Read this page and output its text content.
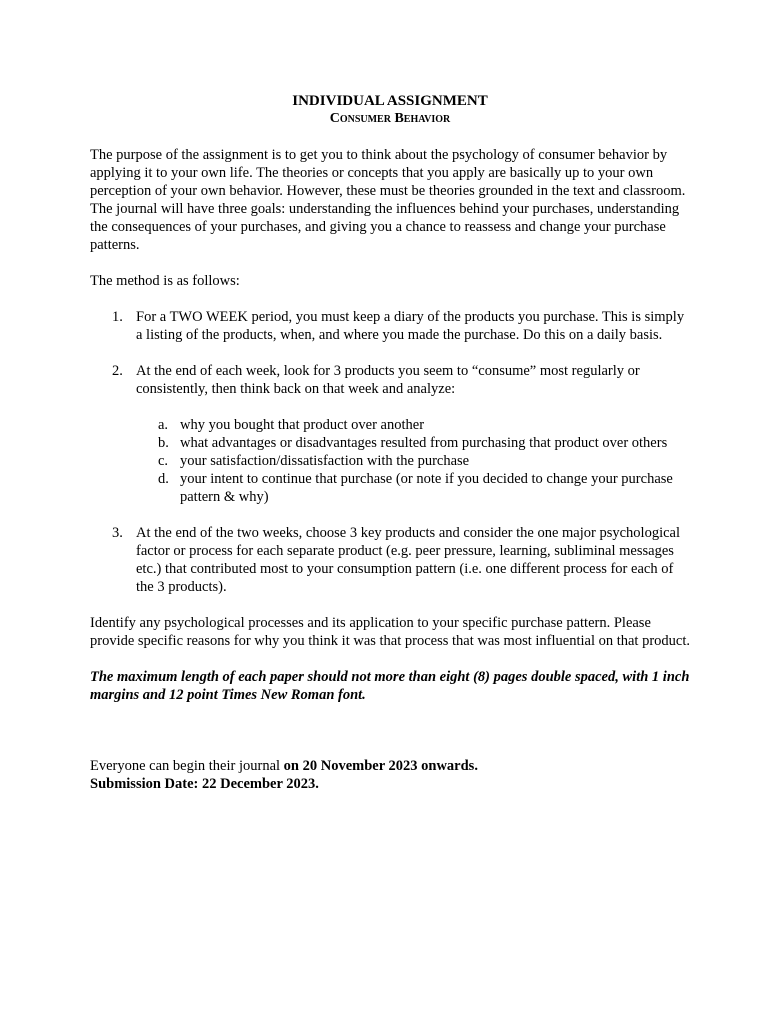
INDIVIDUAL ASSIGNMENT
Consumer Behavior

The purpose of the assignment is to get you to think about the psychology of consumer behavior by applying it to your own life. The theories or concepts that you apply are basically up to your own perception of your own behavior. However, these must be theories grounded in the text and classroom. The journal will have three goals: understanding the influences behind your purchases, understanding the consequences of your purchases, and giving you a chance to reassess and change your purchase patterns.

The method is as follows:

1. For a TWO WEEK period, you must keep a diary of the products you purchase. This is simply a listing of the products, when, and where you made the purchase. Do this on a daily basis.
2. At the end of each week, look for 3 products you seem to “consume” most regularly or consistently, then think back on that week and analyze:
a. why you bought that product over another
b. what advantages or disadvantages resulted from purchasing that product over others
c. your satisfaction/dissatisfaction with the purchase
d. your intent to continue that purchase (or note if you decided to change your purchase pattern & why)
3. At the end of the two weeks, choose 3 key products and consider the one major psychological factor or process for each separate product (e.g. peer pressure, learning, subliminal messages etc.) that contributed most to your consumption pattern (i.e. one different process for each of the 3 products).

Identify any psychological processes and its application to your specific purchase pattern. Please provide specific reasons for why you think it was that process that was most influential on that product.

The maximum length of each paper should not more than eight (8) pages double spaced, with 1 inch margins and 12 point Times New Roman font.

Everyone can begin their journal on 20 November 2023 onwards.

Submission Date: 22 December 2023.
